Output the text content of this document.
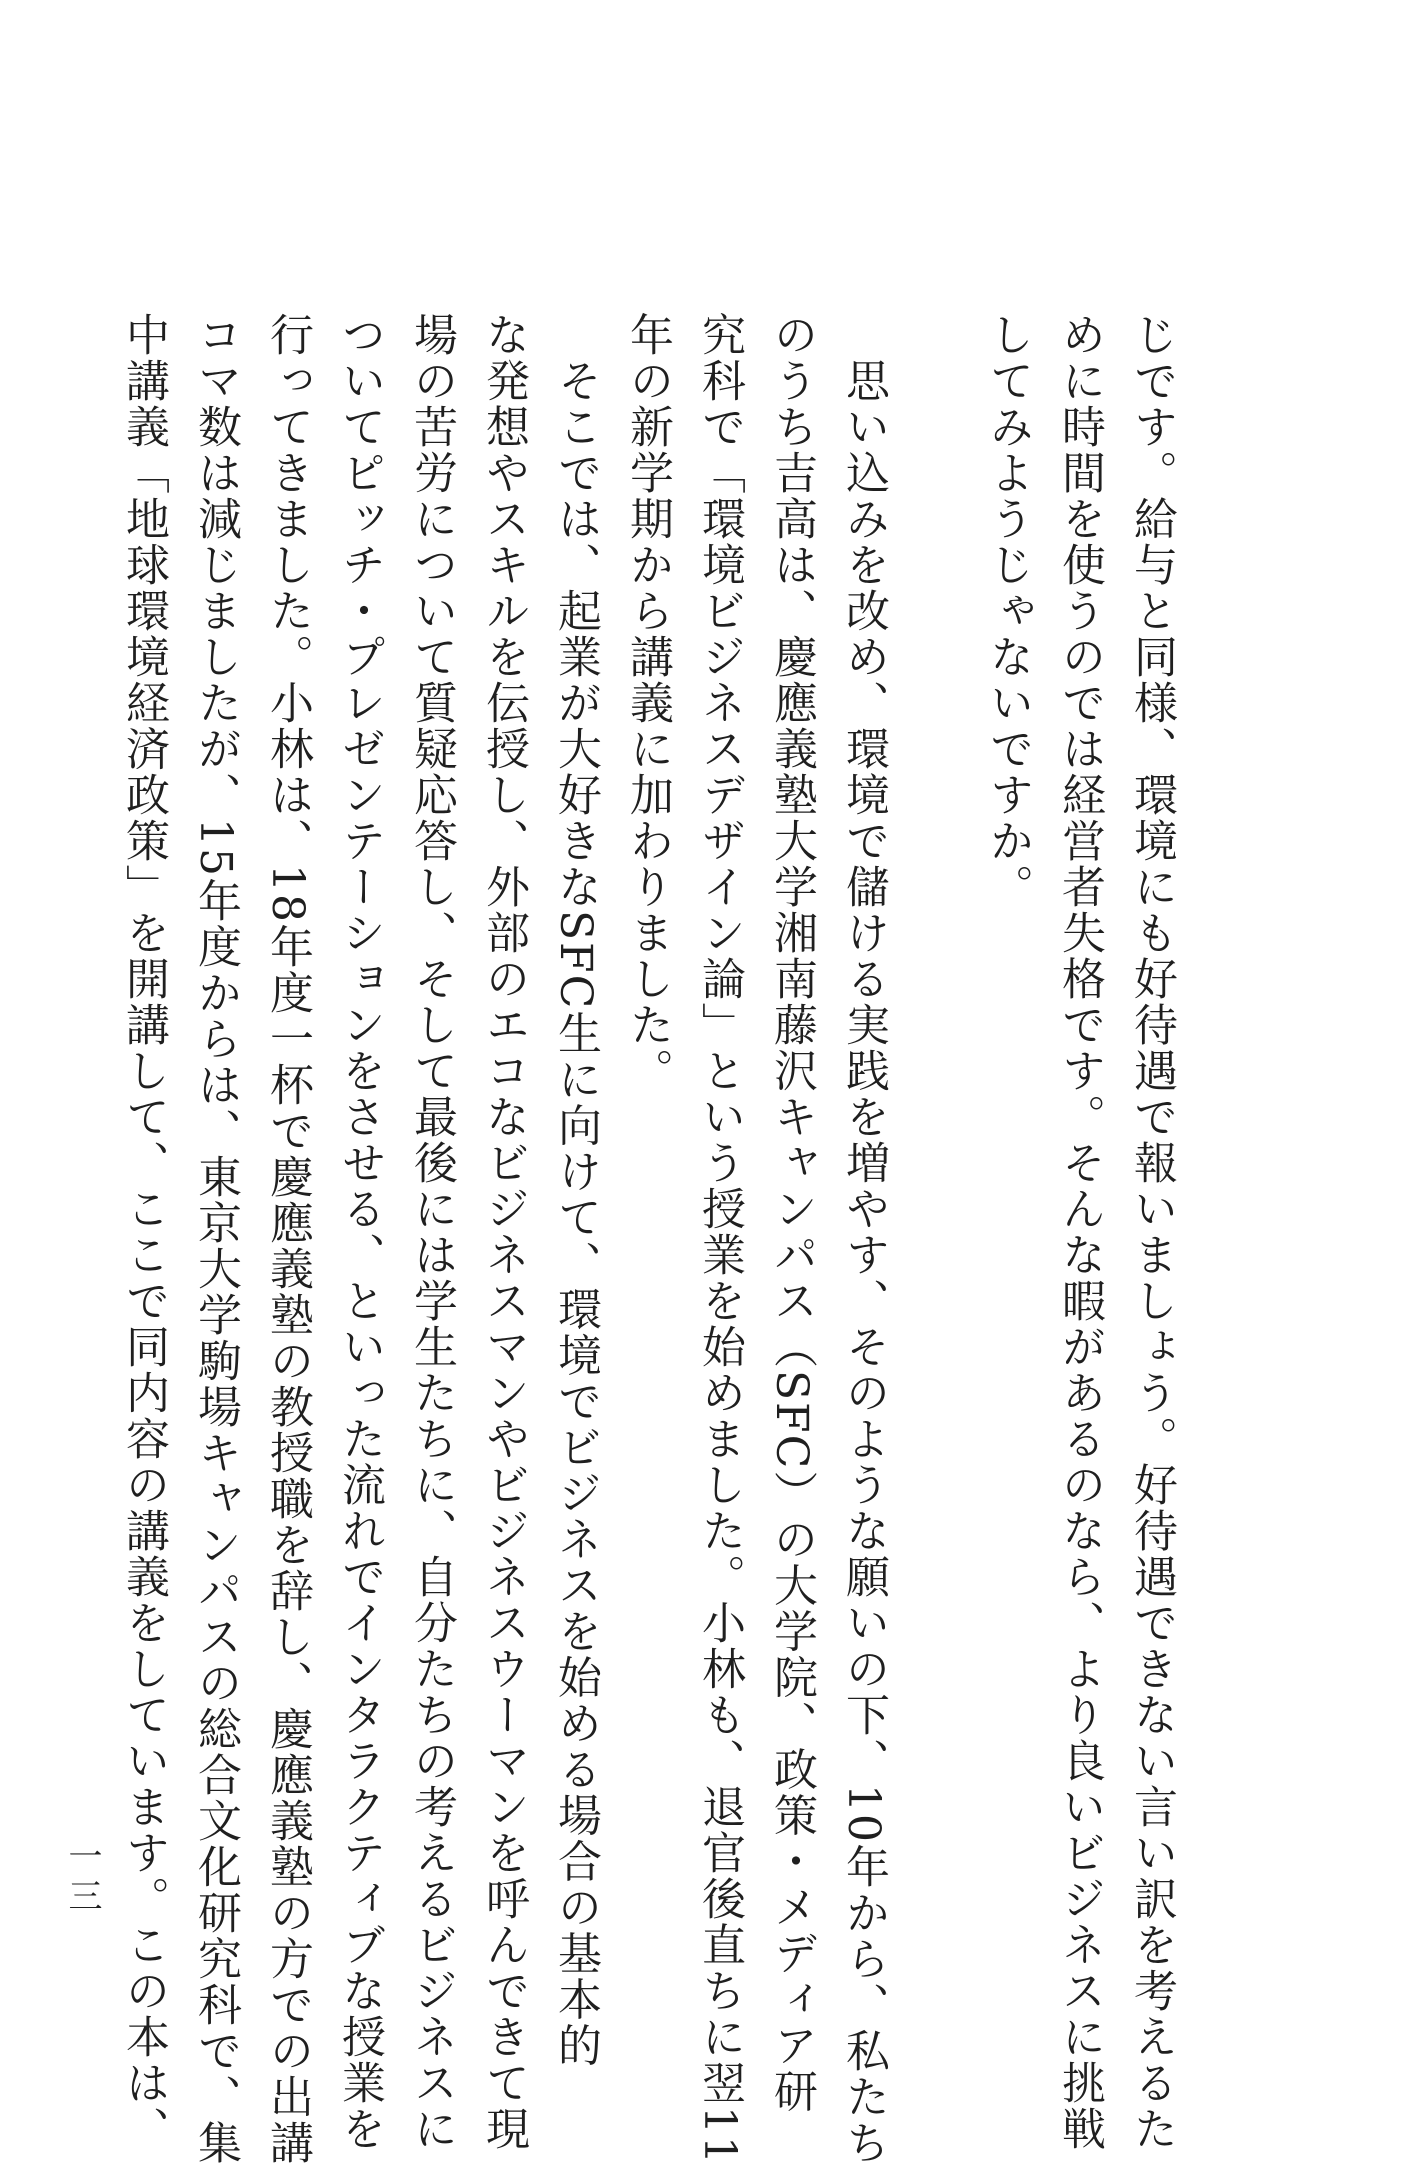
じです。給与と同様、環境にも好待遇で報いましょう。好待遇できない言い訳を考えるた
めに時間を使うのでは経営者失格です。そんな暇があるのなら、より良いビジネスに挑戦
してみようじゃないですか。
　思い込みを改め、環境で儲ける実践を増やす、そのような願いの下、10年から、私たち
のうち吉高は、慶應義塾大学湘南藤沢キャンパス（SFC）の大学院、政策・メディア研
究科で「環境ビジネスデザイン論」という授業を始めました。小林も、退官後直ちに翌11
年の新学期から講義に加わりました。
　そこでは、起業が大好きなSFC生に向けて、環境でビジネスを始める場合の基本的
な発想やスキルを伝授し、外部のエコなビジネスマンやビジネスウーマンを呼んできて現
場の苦労について質疑応答し、そして最後には学生たちに、自分たちの考えるビジネスに
ついてピッチ・プレゼンテーションをさせる、といった流れでインタラクティブな授業を
行ってきました。小林は、18年度一杯で慶應義塾の教授職を辞し、慶應義塾の方での出講
コマ数は減じましたが、15年度からは、東京大学駒場キャンパスの総合文化研究科で、集
中講義「地球環境経済政策」を開講して、ここで同内容の講義をしています。この本は、
一三
